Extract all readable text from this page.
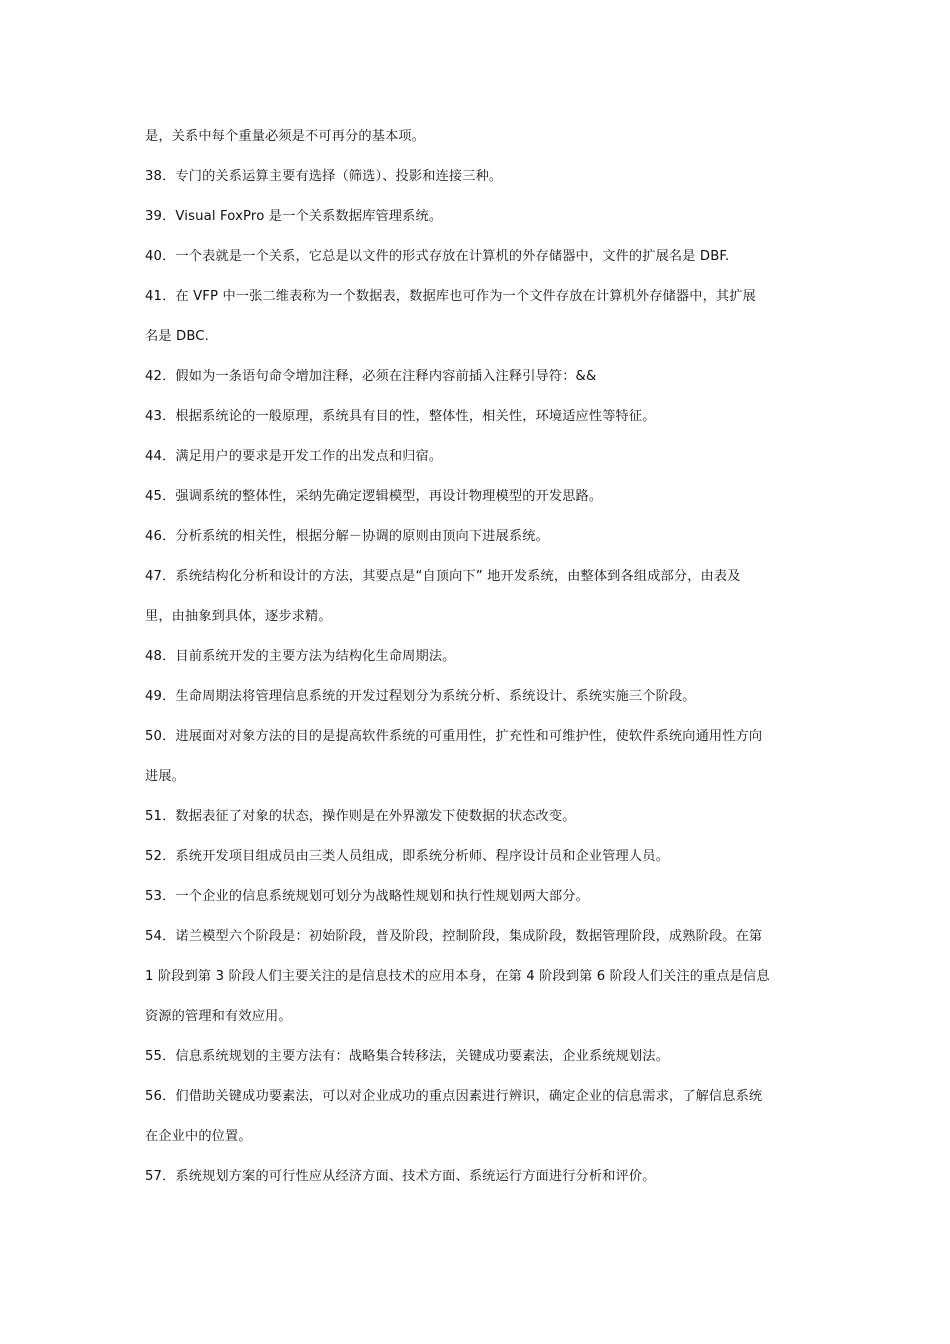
是，关系中每个重量必须是不可再分的基本项。
38．专门的关系运算主要有选择（筛选）、投影和连接三种。
39．Visual FoxPro 是一个关系数据库管理系统。
40．一个表就是一个关系，它总是以文件的形式存放在计算机的外存储器中，文件的扩展名是 DBF.
41．在 VFP 中一张二维表称为一个数据表，数据库也可作为一个文件存放在计算机外存储器中，其扩展
名是 DBC.
42．假如为一条语句命令增加注释，必须在注释内容前插入注释引导符：&&
43．根据系统论的一般原理，系统具有目的性，整体性，相关性，环境适应性等特征。
44．满足用户的要求是开发工作的出发点和归宿。
45．强调系统的整体性，采纳先确定逻辑模型，再设计物理模型的开发思路。
46．分析系统的相关性，根据分解－协调的原则由顶向下进展系统。
47．系统结构化分析和设计的方法，其要点是“自顶向下” 地开发系统，由整体到各组成部分，由表及
里，由抽象到具体，逐步求精。
48．目前系统开发的主要方法为结构化生命周期法。
49．生命周期法将管理信息系统的开发过程划分为系统分析、系统设计、系统实施三个阶段。
50．进展面对对象方法的目的是提高软件系统的可重用性，扩充性和可维护性，使软件系统向通用性方向
进展。
51．数据表征了对象的状态，操作则是在外界激发下使数据的状态改变。
52．系统开发项目组成员由三类人员组成，即系统分析师、程序设计员和企业管理人员。
53．一个企业的信息系统规划可划分为战略性规划和执行性规划两大部分。
54．诺兰模型六个阶段是：初始阶段，普及阶段，控制阶段，集成阶段，数据管理阶段，成熟阶段。在第
1 阶段到第 3 阶段人们主要关注的是信息技术的应用本身，在第 4 阶段到第 6 阶段人们关注的重点是信息
资源的管理和有效应用。
55．信息系统规划的主要方法有：战略集合转移法，关键成功要素法，企业系统规划法。
56．们借助关键成功要素法，可以对企业成功的重点因素进行辨识，确定企业的信息需求，了解信息系统
在企业中的位置。
57．系统规划方案的可行性应从经济方面、技术方面、系统运行方面进行分析和评价。
